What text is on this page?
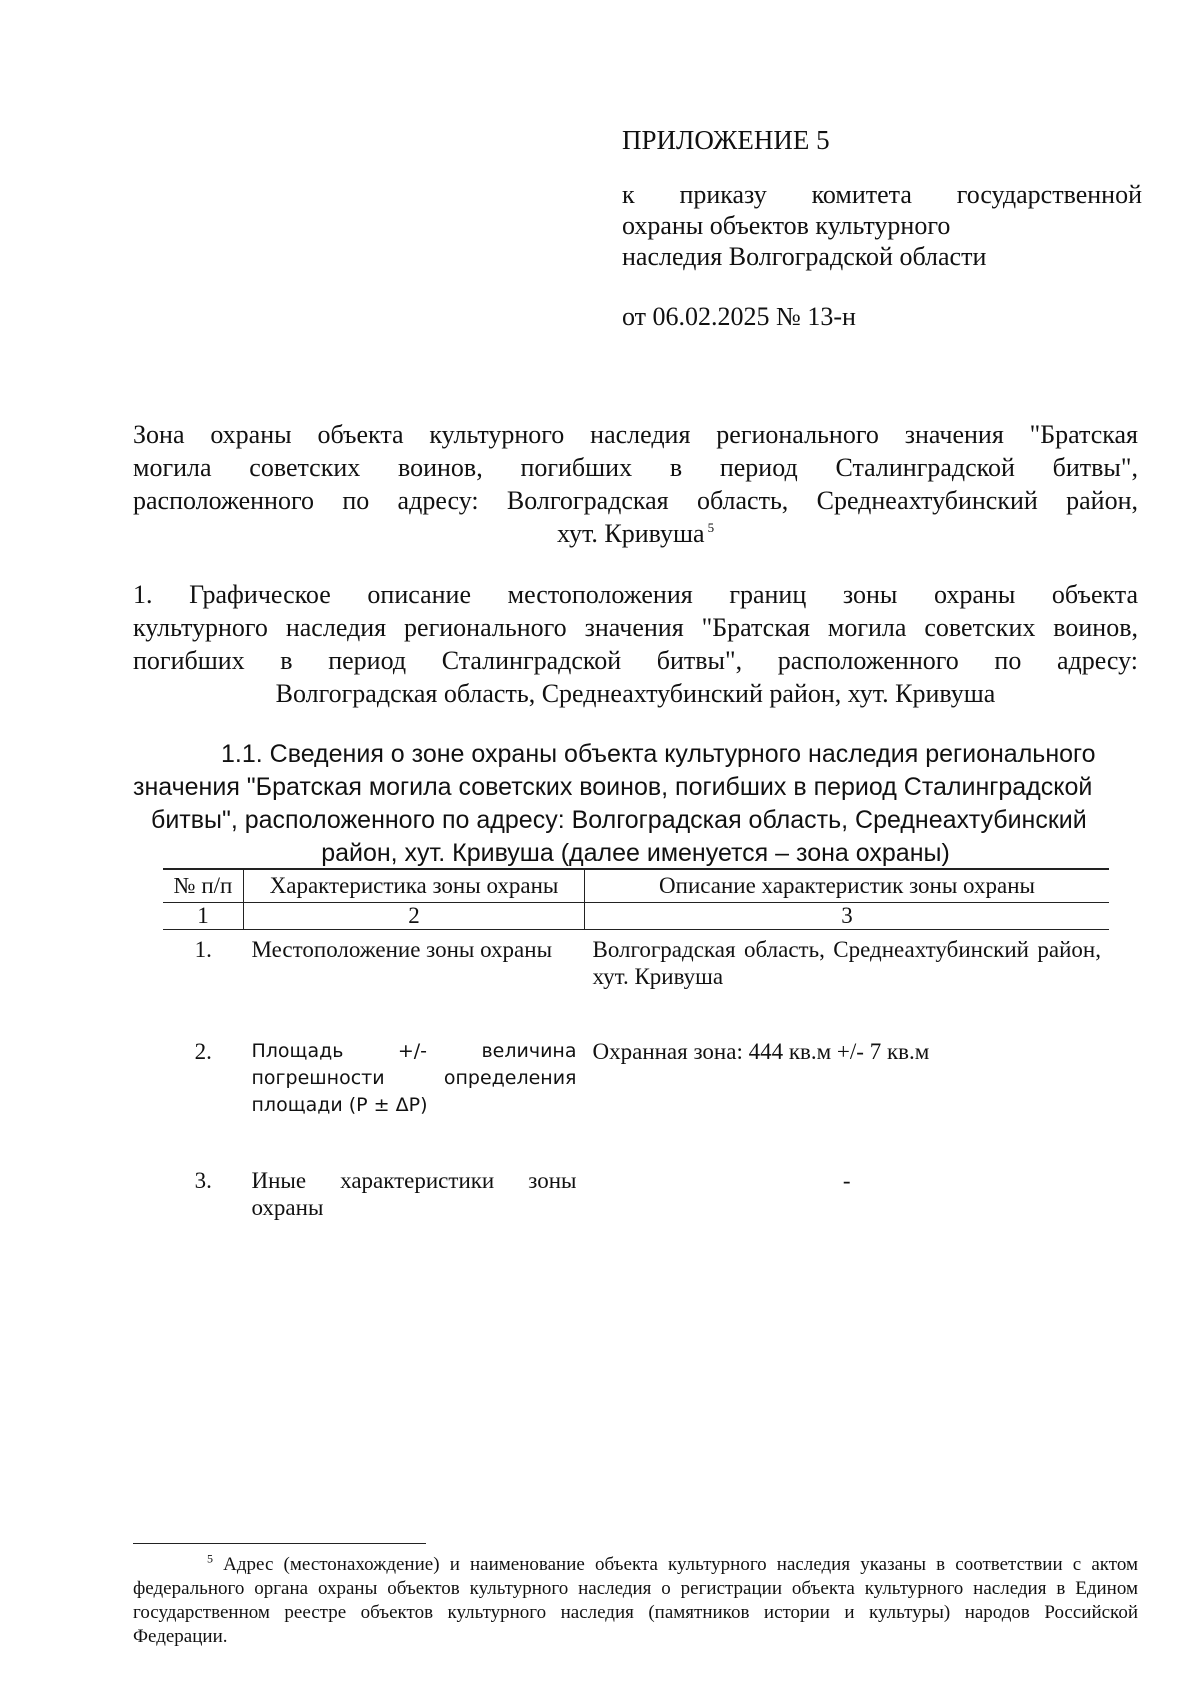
ПРИЛОЖЕНИЕ 5
к приказу комитета государственной
охраны объектов культурного
наследия Волгоградской области
от 06.02.2025 № 13-н
Зона охраны объекта культурного наследия регионального значения "Братская
могила советских воинов, погибших в период Сталинградской битвы",
расположенного по адресу: Волгоградская область, Среднеахтубинский район,
хут. Кривуша $^5$
1. Графическое описание местоположения границ зоны охраны объекта
культурного наследия регионального значения "Братская могила советских воинов,
погибших в период Сталинградской битвы", расположенного по адресу:
Волгоградская область, Среднеахтубинский район, хут. Кривуша
1.1. Сведения о зоне охраны объекта культурного наследия регионального
значения "Братская могила советских воинов, погибших в период Сталинградской
битвы", расположенного по адресу: Волгоградская область, Среднеахтубинский
район, хут. Кривуша (далее именуется – зона охраны)
№ п/п	Характеристика зоны охраны	Описание характеристик зоны охраны
1	2	3
1.	Местоположение зоны охраны	Волгоградская область, Среднеахтубинский район, хут. Кривуша
2.	Площадь +/- величина
погрешности определения
площади (P ± ΔP)	Охранная зона: 444 кв.м +/- 7 кв.м
3.	Иные характеристики зоны
охраны	-
$^5$ Адрес (местонахождение) и наименование объекта культурного наследия указаны в соответствии с актом федерального органа охраны объектов культурного наследия о регистрации объекта культурного наследия в Едином государственном реестре объектов культурного наследия (памятников истории и культуры) народов Российской Федерации.
